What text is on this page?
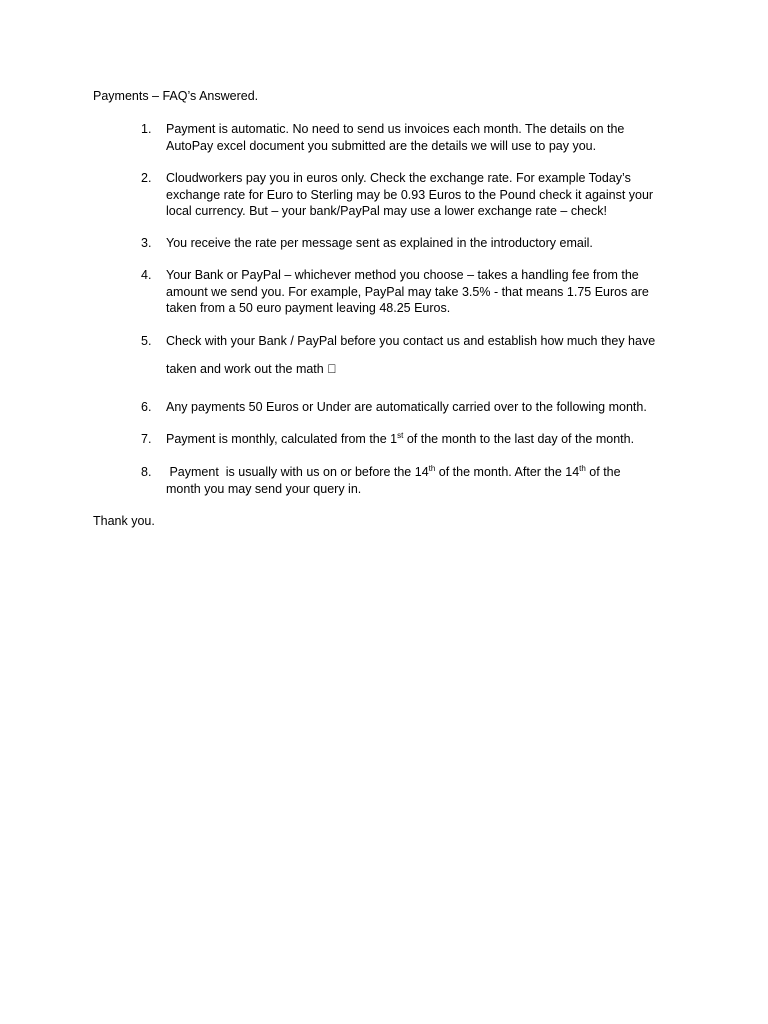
Payments – FAQ’s Answered.
1.	Payment is automatic. No need to send us invoices each month. The details on the
AutoPay excel document you submitted are the details we will use to pay you.
2.	Cloudworkers pay you in euros only. Check the exchange rate. For example Today’s
exchange rate for Euro to Sterling may be 0.93 Euros to the Pound check it against your
local currency. But – your bank/PayPal may use a lower exchange rate – check!
3.	You receive the rate per message sent as explained in the introductory email.
4.	Your Bank or PayPal – whichever method you choose – takes a handling fee from the
amount we send you. For example, PayPal may take 3.5% - that means 1.75 Euros are
taken from a 50 euro payment leaving 48.25 Euros.
5.	Check with your Bank / PayPal before you contact us and establish how much they have
taken and work out the math
6.	Any payments 50 Euros or Under are automatically carried over to the following month.
7.	Payment is monthly, calculated from the 1st of the month to the last day of the month.
8.	Payment  is usually with us on or before the 14th of the month. After the 14th of the
month you may send your query in.
Thank you.
